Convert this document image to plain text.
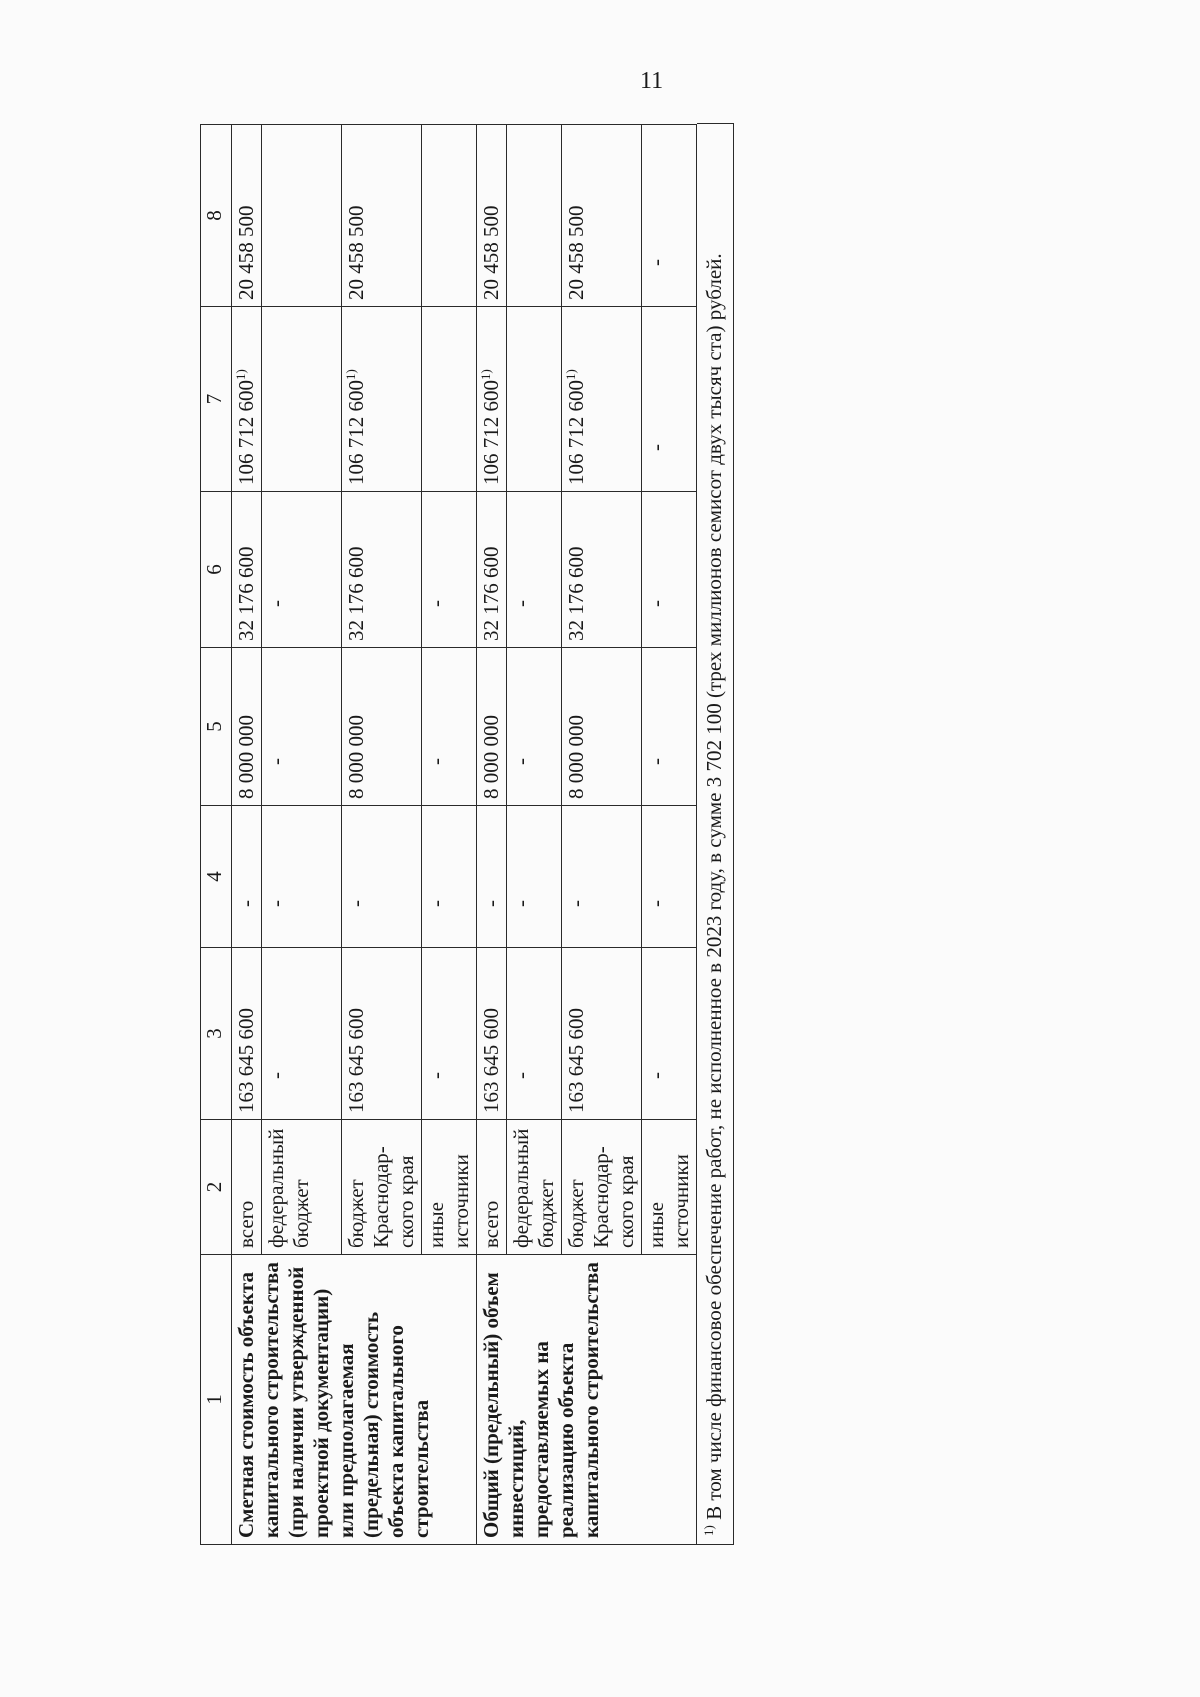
11
1	2	3	4	5	6	7	8
Сметная стоимость объекта капитального строительства (при наличии утвержденной проектной документации) или предполагаемая (предельная) стоимость объекта капитального строительства	всего	163 645 600	-	8 000 000	32 176 600	106 712 600$^{1)}$	20 458 500
	федеральный бюджет	-	-	-	-		
	бюджет Краснодар-ского края	163 645 600	-	8 000 000	32 176 600	106 712 600$^{1)}$	20 458 500
	иные источники	-	-	-	-		
Общий (предельный) объем инвестиций, предоставляемых на реализацию объекта капитального строительства	всего	163 645 600	-	8 000 000	32 176 600	106 712 600$^{1)}$	20 458 500
	федеральный бюджет	-	-	-	-		
	бюджет Краснодар-ского края	163 645 600	-	8 000 000	32 176 600	106 712 600$^{1)}$	20 458 500
	иные источники	-	-	-	-	-	-
$^{1)}$ В том числе финансовое обеспечение работ, не исполненное в 2023 году, в сумме 3 702 100 (трех миллионов семисот двух тысяч ста) рублей.
